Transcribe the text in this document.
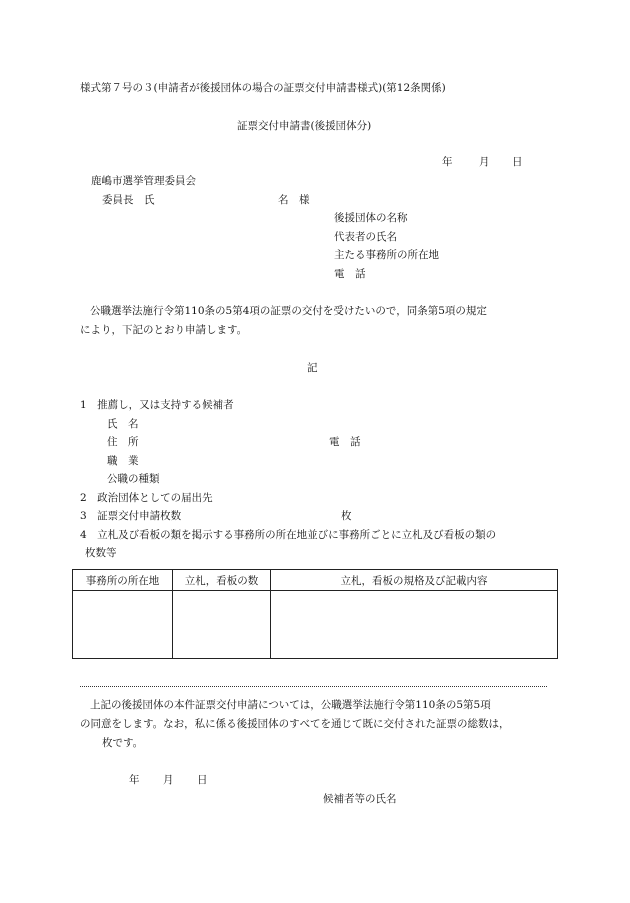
様式第７号の３(申請者が後援団体の場合の証票交付申請書様式)(第12条関係)
証票交付申請書(後援団体分)
年	月 日
鹿嶋市選挙管理委員会
委員長　氏	名　様
後援団体の名称
代表者の氏名
主たる事務所の所在地
電　話
公職選挙法施行令第110条の5第4項の証票の交付を受けたいので，同条第5項の規定
により，下記のとおり申請します。
記
1　推薦し，又は支持する候補者
氏　名
住　所	電　話
職　業
公職の種類
2　政治団体としての届出先
3　証票交付申請枚数	枚
4　立札及び看板の類を掲示する事務所の所在地並びに事務所ごとに立札及び看板の類の
枚数等
事務所の所在地	立札，看板の数	立札，看板の規格及び記載内容

上記の後援団体の本件証票交付申請については，公職選挙法施行令第110条の5第5項
の同意をします。なお，私に係る後援団体のすべてを通じて既に交付された証票の総数は，
枚です。
年 月 日
候補者等の氏名
